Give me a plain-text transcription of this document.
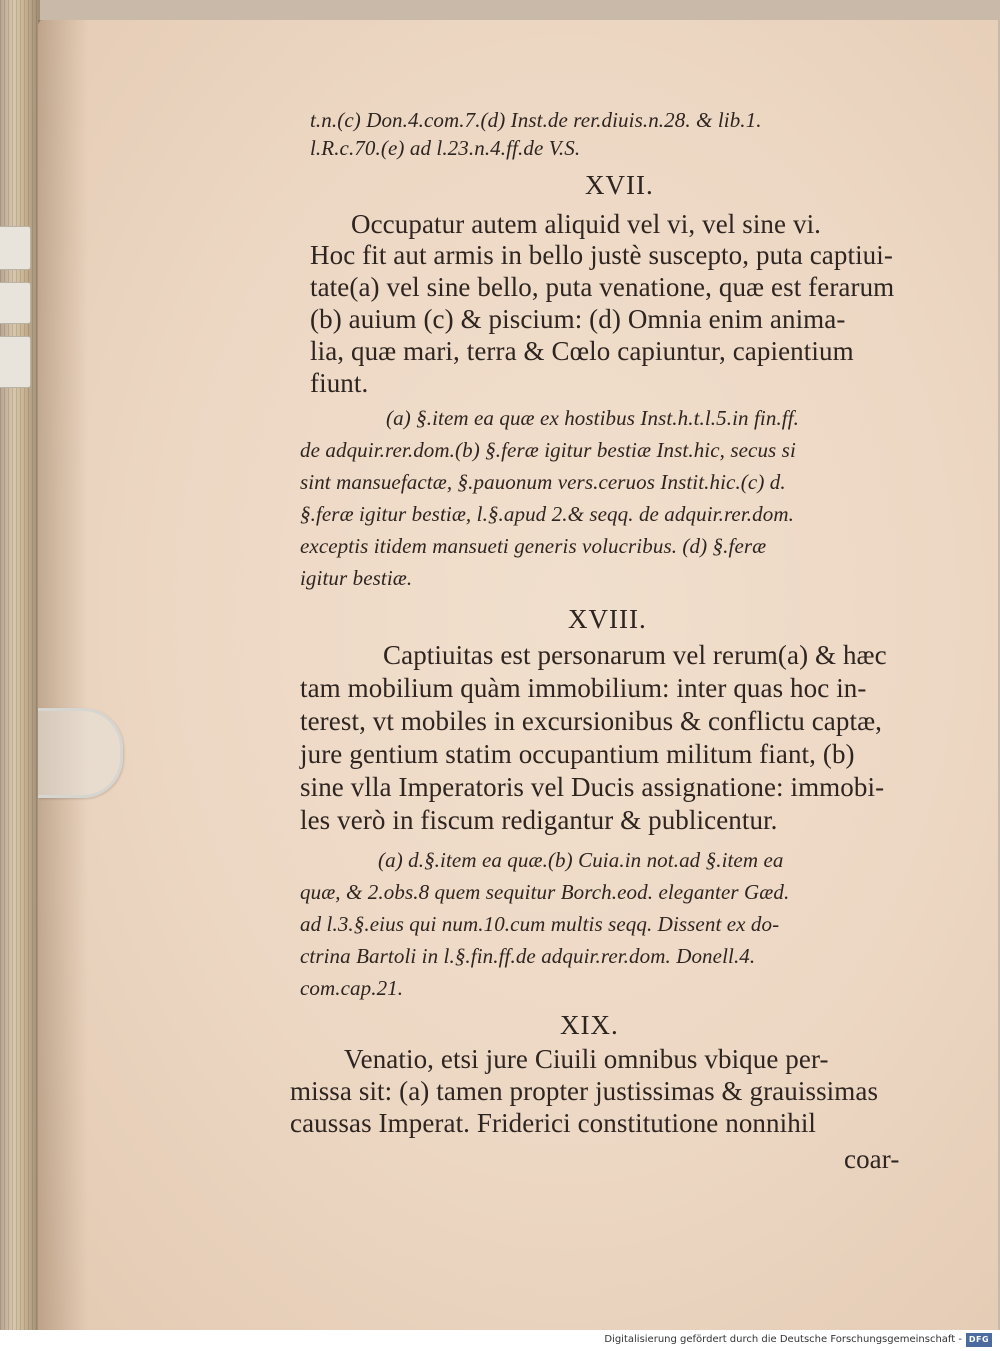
t.n.(c) Don.4.com.7.(d) Inst.de rer.diuis.n.28. & lib.1.

l.R.c.70.(e) ad l.23.n.4.ff.de V.S.

XVII.

Occupatur autem aliquid vel vi, vel sine vi.

Hoc fit aut armis in bello justè suscepto, puta captiui-

tate(a) vel sine bello, puta venatione, quæ est ferarum

(b) auium (c) & piscium: (d) Omnia enim anima-

lia, quæ mari, terra & Cœlo capiuntur, capientium

fiunt.

(a) §.item ea quæ ex hostibus Inst.h.t.l.5.in fin.ff.

de adquir.rer.dom.(b) §.feræ igitur bestiæ Inst.hic, secus si

sint mansuefactæ, §.pauonum vers.ceruos Instit.hic.(c) d.

§.feræ igitur bestiæ, l.§.apud 2.& seqq. de adquir.rer.dom.

exceptis itidem mansueti generis volucribus. (d) §.feræ

igitur bestiæ.

XVIII.

Captiuitas est personarum vel rerum(a) & hæc

tam mobilium quàm immobilium: inter quas hoc in-

terest, vt mobiles in excursionibus & conflictu captæ,

jure gentium statim occupantium militum fiant, (b)

sine vlla Imperatoris vel Ducis assignatione: immobi-

les verò in fiscum redigantur & publicentur.

(a) d.§.item ea quæ.(b) Cuia.in not.ad §.item ea

quæ, & 2.obs.8 quem sequitur Borch.eod. eleganter Gæd.

ad l.3.§.eius qui num.10.cum multis seqq. Dissent ex do-

ctrina Bartoli in l.§.fin.ff.de adquir.rer.dom. Donell.4.

com.cap.21.

XIX.

Venatio, etsi jure Ciuili omnibus vbique per-

missa sit: (a) tamen propter justissimas & grauissimas

caussas Imperat. Friderici constitutione nonnihil

coar-

Digitalisierung gefördert durch die Deutsche Forschungsgemeinschaft - DFG
